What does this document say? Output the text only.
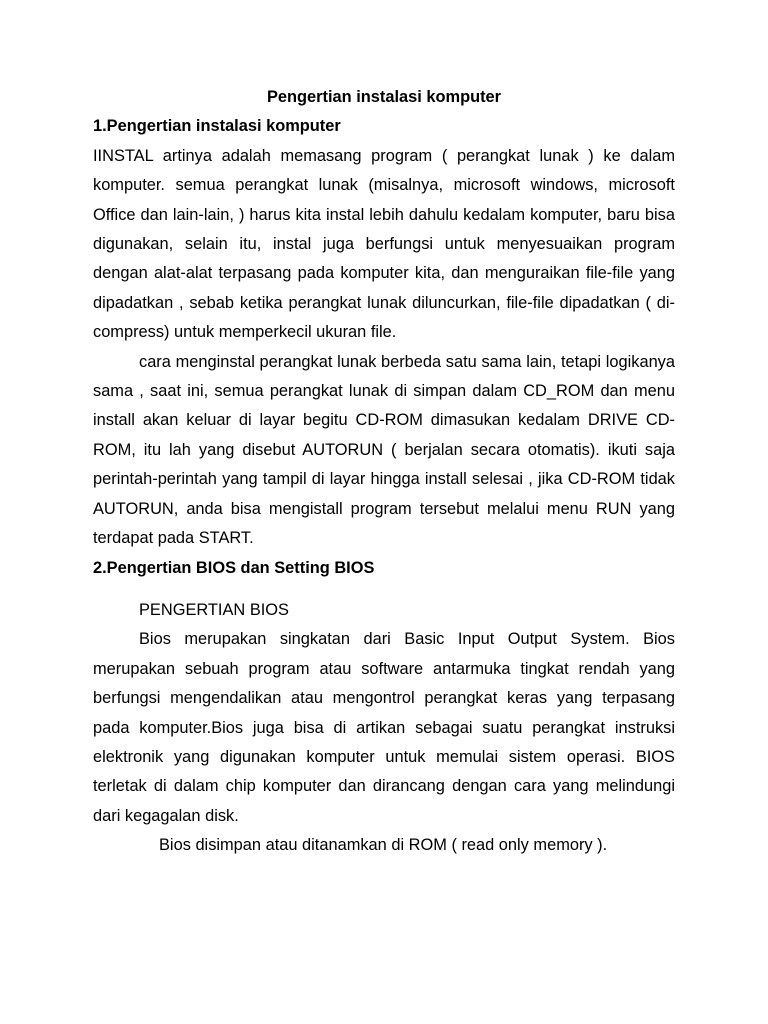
Pengertian instalasi komputer

1.Pengertian instalasi komputer

IINSTAL artinya adalah memasang program ( perangkat lunak ) ke dalam komputer. semua perangkat lunak (misalnya, microsoft windows, microsoft Office dan lain-lain, ) harus kita instal lebih dahulu kedalam komputer, baru bisa digunakan, selain itu, instal juga berfungsi untuk menyesuaikan program dengan alat-alat terpasang pada komputer kita, dan menguraikan file-file yang dipadatkan , sebab ketika perangkat lunak diluncurkan, file-file dipadatkan ( di-compress) untuk memperkecil ukuran file.

cara menginstal perangkat lunak berbeda satu sama lain, tetapi logikanya sama , saat ini, semua perangkat lunak di simpan dalam CD_ROM dan menu install akan keluar di layar begitu CD-ROM dimasukan kedalam DRIVE CD-ROM, itu lah yang disebut AUTORUN ( berjalan secara otomatis). ikuti saja perintah-perintah yang tampil di layar hingga install selesai , jika CD-ROM tidak AUTORUN, anda bisa mengistall program tersebut melalui menu RUN yang terdapat pada START.

2.Pengertian BIOS dan Setting BIOS

PENGERTIAN BIOS

Bios merupakan singkatan dari Basic Input Output System. Bios merupakan sebuah program atau software antarmuka tingkat rendah yang berfungsi mengendalikan atau mengontrol perangkat keras yang terpasang pada komputer.Bios juga bisa di artikan sebagai suatu perangkat instruksi elektronik yang digunakan komputer untuk memulai sistem operasi. BIOS terletak di dalam chip komputer dan dirancang dengan cara yang melindungi dari kegagalan disk.

Bios disimpan atau ditanamkan di ROM ( read only memory ).
